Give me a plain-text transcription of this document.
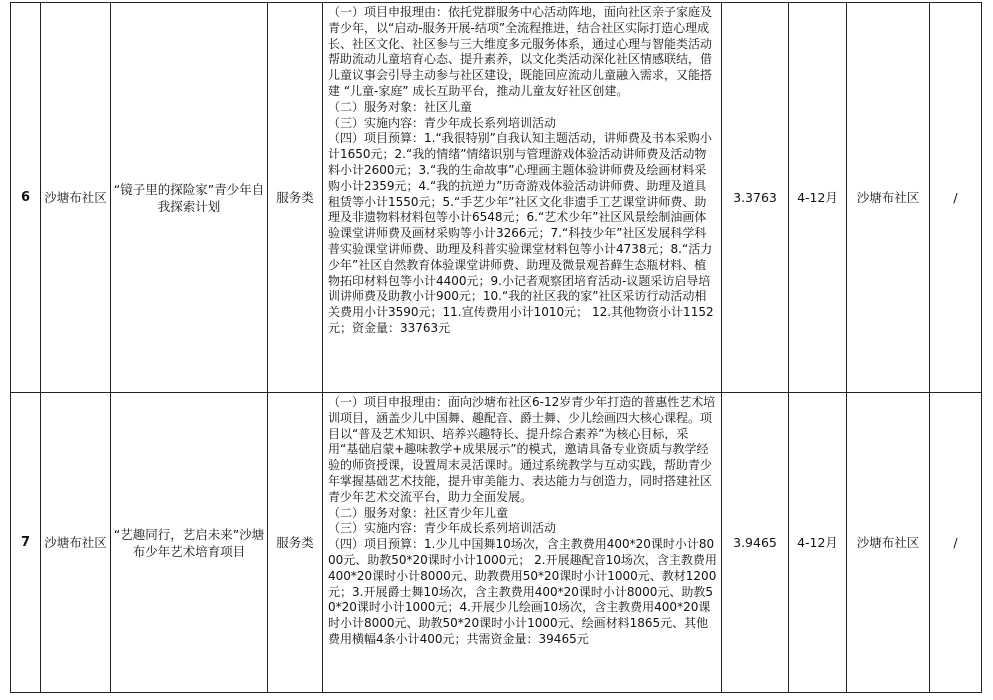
6	沙塘布社区	“镜子里的探险家”青少年自我探索计划	服务类	（一）项目申报理由：依托党群服务中心活动阵地，面向社区亲子家庭及青少年，以“启动-服务开展-结项”全流程推进，结合社区实际打造心理成长、社区文化、社区参与三大维度多元服务体系，通过心理与智能类活动帮助流动儿童培育心态、提升素养，以文化类活动深化社区情感联结，借儿童议事会引导主动参与社区建设，既能回应流动儿童融入需求，又能搭建 “儿童-家庭” 成长互助平台，推动儿童友好社区创建。

（二）服务对象：社区儿童

（三）实施内容：青少年成长系列培训活动

（四）项目预算：1.“我很特别”自我认知主题活动，讲师费及书本采购小计1650元；2.“我的情绪”情绪识别与管理游戏体验活动讲师费及活动物料小计2600元；3.“我的生命故事”心理画主题体验讲师费及绘画材料采购小计2359元；4.“我的抗逆力”历奇游戏体验活动讲师费、助理及道具租赁等小计1550元；5.“手艺少年”社区文化非遗手工艺课堂讲师费、助理及非遗物料材料包等小计6548元；6.“艺术少年”社区风景绘制油画体验课堂讲师费及画材采购等小计3266元；7.“科技少年”社区发展科学科普实验课堂讲师费、助理及科普实验课堂材料包等小计4738元；8.“活力少年”社区自然教育体验课堂讲师费、助理及微景观苔藓生态瓶材料、植物拓印材料包等小计4400元；9.小记者观察团培育活动-议题采访启导培训讲师费及助教小计900元；10.“我的社区我的家”社区采访行动活动相关费用小计3590元；11.宣传费用小计1010元； 12.其他物资小计1152元；资金量：33763元	3.3763	4-12月	沙塘布社区	/
7	沙塘布社区	“艺趣同行，艺启未来”沙塘布少年艺术培育项目	服务类	（一）项目申报理由：面向沙塘布社区6-12岁青少年打造的普惠性艺术培训项目，涵盖少儿中国舞、趣配音、爵士舞、少儿绘画四大核心课程。项目以“普及艺术知识、培养兴趣特长、提升综合素养”为核心目标，采用“基础启蒙+趣味教学+成果展示”的模式，邀请具备专业资质与教学经验的师资授课，设置周末灵活课时。通过系统教学与互动实践，帮助青少年掌握基础艺术技能，提升审美能力、表达能力与创造力，同时搭建社区青少年艺术交流平台，助力全面发展。

（二）服务对象：社区青少年儿童

（三）实施内容：青少年成长系列培训活动

（四）项目预算：1.少儿中国舞10场次，含主教费用400*20课时小计8000元、助教50*20课时小计1000元； 2.开展趣配音10场次，含主教费用400*20课时小计8000元、助教费用50*20课时小计1000元、教材1200元；3.开展爵士舞10场次，含主教费用400*20课时小计8000元、助教50*20课时小计1000元；4.开展少儿绘画10场次，含主教费用400*20课时小计8000元、助教50*20课时小计1000元、绘画材料1865元、其他费用横幅4条小计400元；共需资金量：39465元	3.9465	4-12月	沙塘布社区	/
